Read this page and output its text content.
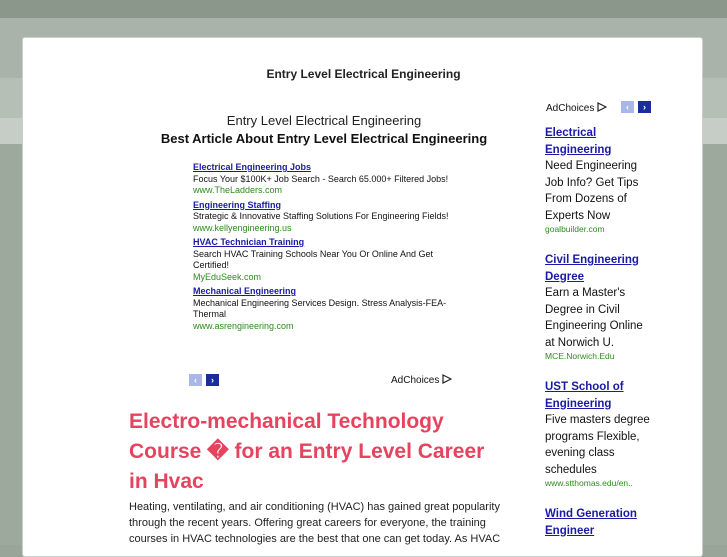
Entry Level Electrical Engineering
Entry Level Electrical Engineering
Best Article About Entry Level Electrical Engineering
Electrical Engineering Jobs
Focus Your $100K+ Job Search - Search 65.000+ Filtered Jobs!
www.TheLadders.com
Engineering Staffing
Strategic & Innovative Staffing Solutions For Engineering Fields!
www.kellyengineering.us
HVAC Technician Training
Search HVAC Training Schools Near You Or Online And Get Certified!
MyEduSeek.com
Mechanical Engineering
Mechanical Engineering Services Design. Stress Analysis-FEA-Thermal
www.asrengineering.com
‹	›	AdChoices
Electro-mechanical Technology Course � for an Entry Level Career in Hvac

Heating, ventilating, and air conditioning (HVAC) has gained great popularity through the recent years. Offering great careers for everyone, the training courses in HVAC technologies are the best that one can get today. As HVAC

AdChoices	‹	›
Electrical Engineering
Need Engineering Job Info? Get Tips From Dozens of Experts Now
goalbuilder.com
Civil Engineering Degree
Earn a Master's Degree in Civil Engineering Online at Norwich U.
MCE.Norwich.Edu
UST School of Engineering
Five masters degree programs Flexible, evening class schedules
www.stthomas.edu/en..
Wind Generation Engineer
